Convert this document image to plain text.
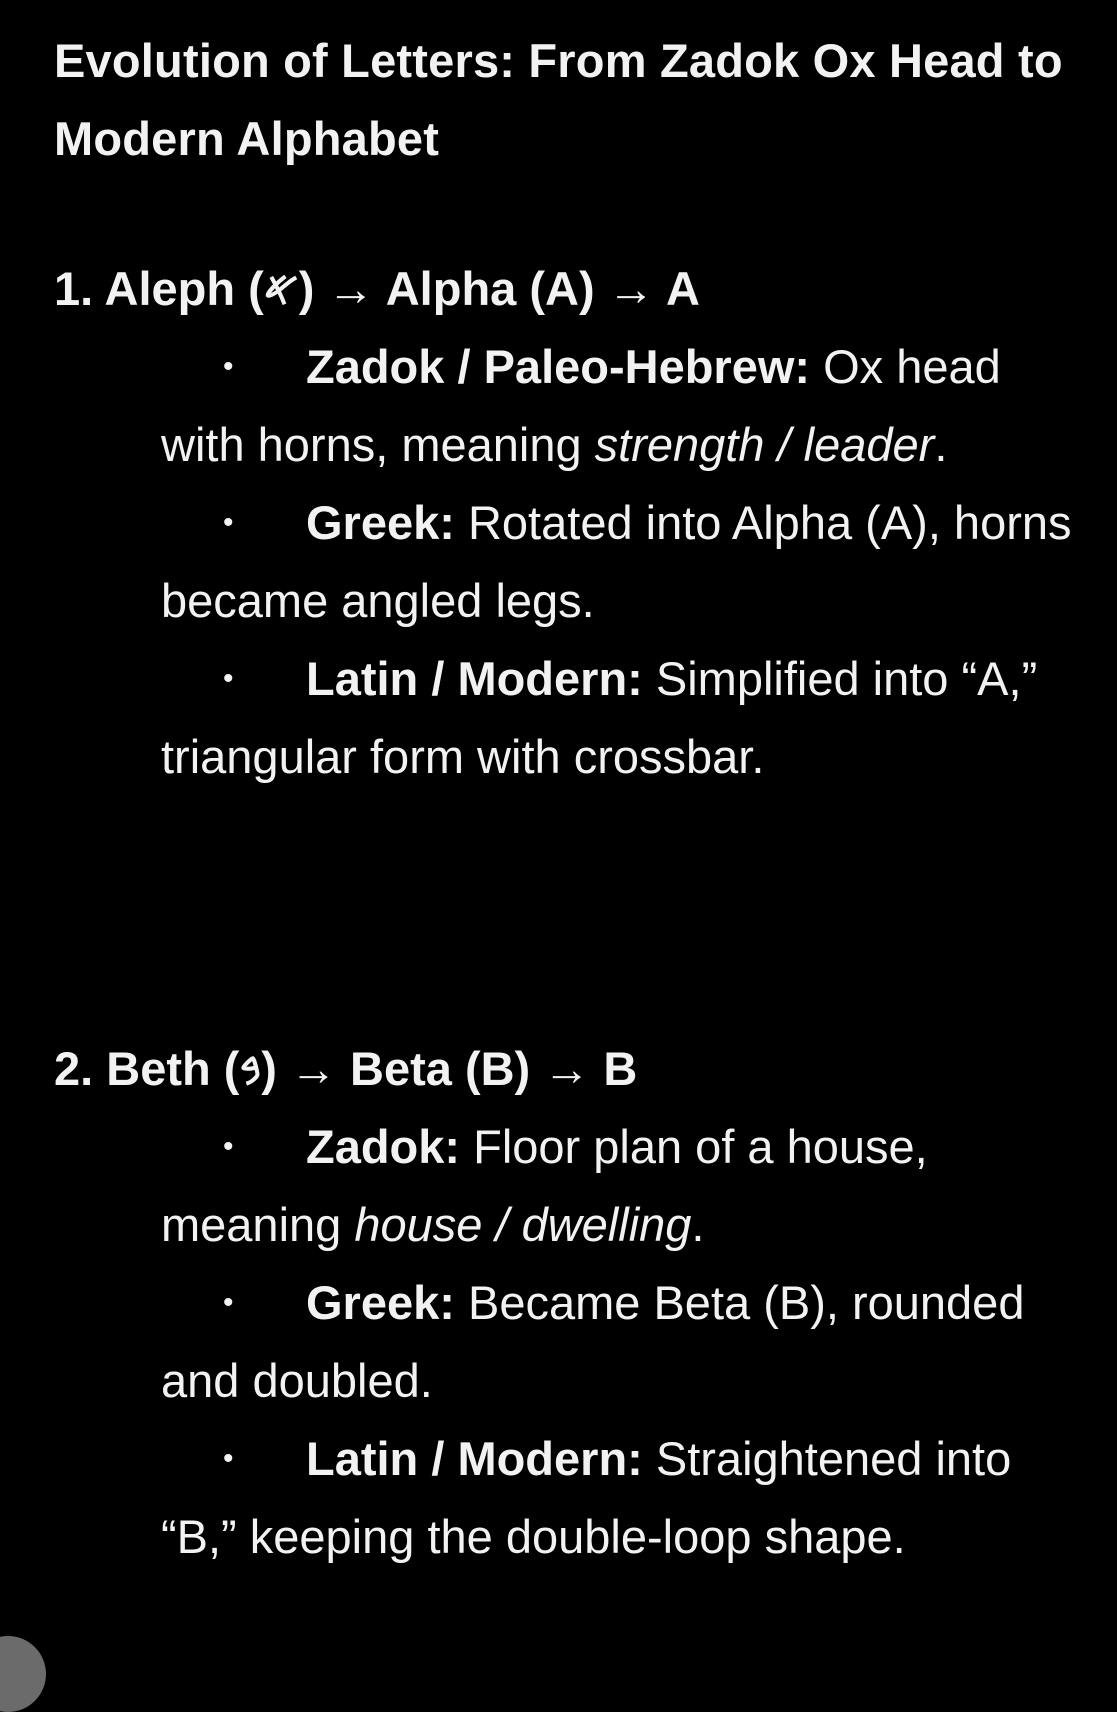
Evolution of Letters: From Zadok Ox Head to Modern Alphabet
1. Aleph (𐤀) → Alpha (A) → A
• Zadok / Paleo-Hebrew: Ox head with horns, meaning strength / leader.
• Greek: Rotated into Alpha (A), horns became angled legs.
• Latin / Modern: Simplified into “A,” triangular form with crossbar.
2. Beth (𐤁) → Beta (B) → B
• Zadok: Floor plan of a house, meaning house / dwelling.
• Greek: Became Beta (B), rounded and doubled.
• Latin / Modern: Straightened into “B,” keeping the double-loop shape.
